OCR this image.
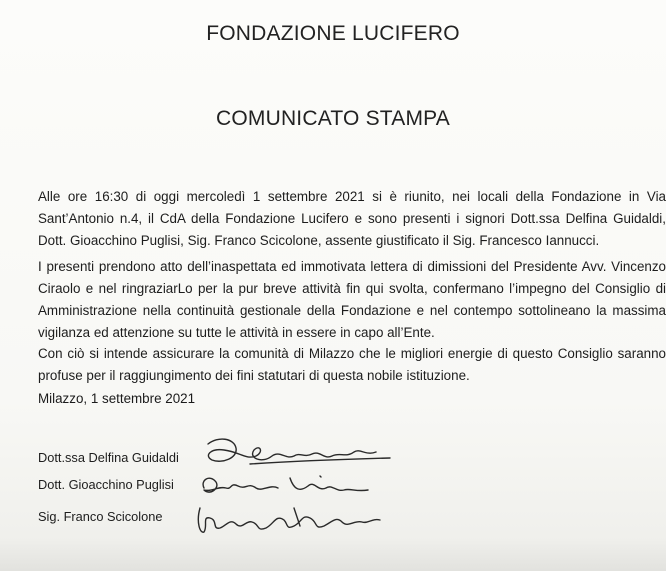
FONDAZIONE LUCIFERO
COMUNICATO STAMPA
Alle ore 16:30 di oggi mercoledì 1 settembre 2021 si è riunito, nei locali della Fondazione in Via Sant’Antonio n.4, il CdA della Fondazione Lucifero e sono presenti i signori Dott.ssa Delfina Guidaldi, Dott. Gioacchino Puglisi, Sig. Franco Scicolone, assente giustificato il Sig. Francesco Iannucci.
I presenti prendono atto dell’inaspettata ed immotivata lettera di dimissioni del Presidente Avv. Vincenzo Ciraolo e nel ringraziarLo per la pur breve attività fin qui svolta, confermano l’impegno del Consiglio di Amministrazione nella continuità gestionale della Fondazione e nel contempo sottolineano la massima vigilanza ed attenzione su tutte le attività in essere in capo all’Ente.
Con ciò si intende assicurare la comunità di Milazzo che le migliori energie di questo Consiglio saranno profuse per il raggiungimento dei fini statutari di questa nobile istituzione.
Milazzo, 1 settembre 2021
Dott.ssa Delfina Guidaldi
Dott. Gioacchino Puglisi
Sig. Franco Scicolone
